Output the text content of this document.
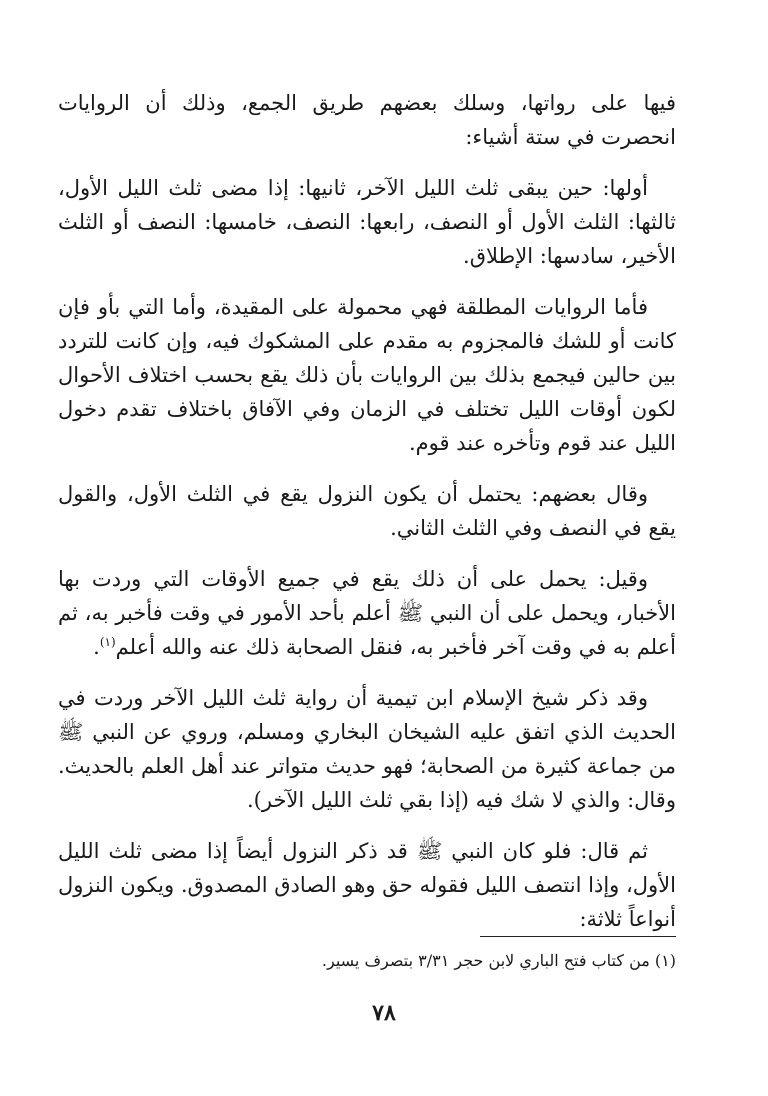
فيها على رواتها، وسلك بعضهم طريق الجمع، وذلك أن الروايات انحصرت في ستة أشياء:

أولها: حين يبقى ثلث الليل الآخر، ثانيها: إذا مضى ثلث الليل الأول، ثالثها: الثلث الأول أو النصف، رابعها: النصف، خامسها: النصف أو الثلث الأخير، سادسها: الإطلاق.

فأما الروايات المطلقة فهي محمولة على المقيدة، وأما التي بأو فإن كانت أو للشك فالمجزوم به مقدم على المشكوك فيه، وإن كانت للتردد بين حالين فيجمع بذلك بين الروايات بأن ذلك يقع بحسب اختلاف الأحوال لكون أوقات الليل تختلف في الزمان وفي الآفاق باختلاف تقدم دخول الليل عند قوم وتأخره عند قوم.

وقال بعضهم: يحتمل أن يكون النزول يقع في الثلث الأول، والقول يقع في النصف وفي الثلث الثاني.

وقيل: يحمل على أن ذلك يقع في جميع الأوقات التي وردت بها الأخبار، ويحمل على أن النبي ﷺ أعلم بأحد الأمور في وقت فأخبر به، ثم أعلم به في وقت آخر فأخبر به، فنقل الصحابة ذلك عنه والله أعلم$^{(١)}$.

وقد ذكر شيخ الإسلام ابن تيمية أن رواية ثلث الليل الآخر وردت في الحديث الذي اتفق عليه الشيخان البخاري ومسلم، وروي عن النبي ﷺ من جماعة كثيرة من الصحابة؛ فهو حديث متواتر عند أهل العلم بالحديث. وقال: والذي لا شك فيه (إذا بقي ثلث الليل الآخر).

ثم قال: فلو كان النبي ﷺ قد ذكر النزول أيضاً إذا مضى ثلث الليل الأول، وإذا انتصف الليل فقوله حق وهو الصادق المصدوق. ويكون النزول أنواعاً ثلاثة:

(١) من كتاب فتح الباري لابن حجر ٣/٣١ بتصرف يسير.
٧٨
